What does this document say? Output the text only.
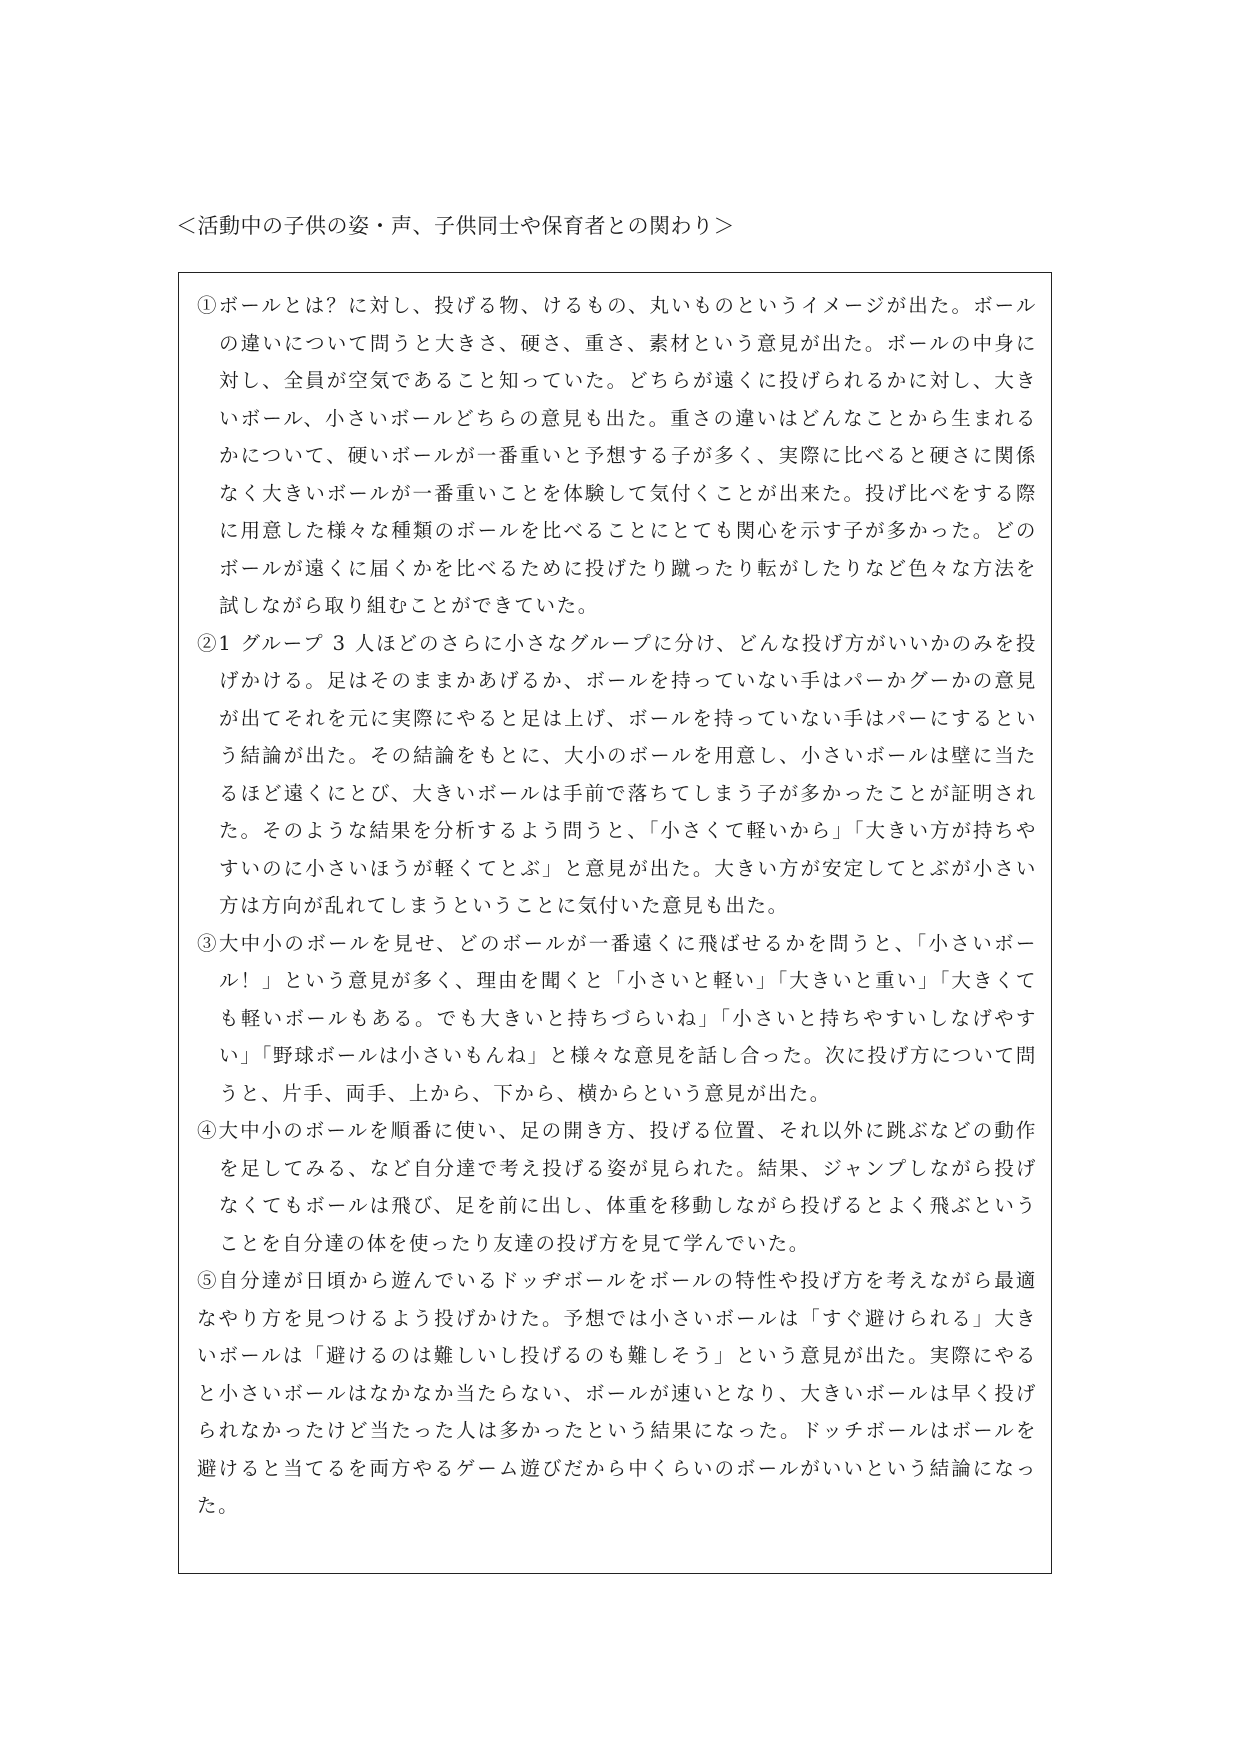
＜活動中の子供の姿・声、子供同士や保育者との関わり＞

①ボールとは？に対し、投げる物、けるもの、丸いものというイメージが出た。ボールの違いについて問うと大きさ、硬さ、重さ、素材という意見が出た。ボールの中身に対し、全員が空気であること知っていた。どちらが遠くに投げられるかに対し、大きいボール、小さいボールどちらの意見も出た。重さの違いはどんなことから生まれるかについて、硬いボールが一番重いと予想する子が多く、実際に比べると硬さに関係なく大きいボールが一番重いことを体験して気付くことが出来た。投げ比べをする際に用意した様々な種類のボールを比べることにとても関心を示す子が多かった。どのボールが遠くに届くかを比べるために投げたり蹴ったり転がしたりなど色々な方法を試しながら取り組むことができていた。

②1 グループ 3 人ほどのさらに小さなグループに分け、どんな投げ方がいいかのみを投げかける。足はそのままかあげるか、ボールを持っていない手はパーかグーかの意見が出てそれを元に実際にやると足は上げ、ボールを持っていない手はパーにするという結論が出た。その結論をもとに、大小のボールを用意し、小さいボールは壁に当たるほど遠くにとび、大きいボールは手前で落ちてしまう子が多かったことが証明された。そのような結果を分析するよう問うと、「小さくて軽いから」「大きい方が持ちやすいのに小さいほうが軽くてとぶ」と意見が出た。大きい方が安定してとぶが小さい方は方向が乱れてしまうということに気付いた意見も出た。

③大中小のボールを見せ、どのボールが一番遠くに飛ばせるかを問うと、「小さいボール！」という意見が多く、理由を聞くと「小さいと軽い」「大きいと重い」「大きくても軽いボールもある。でも大きいと持ちづらいね」「小さいと持ちやすいしなげやすい」「野球ボールは小さいもんね」と様々な意見を話し合った。次に投げ方について問うと、片手、両手、上から、下から、横からという意見が出た。

④大中小のボールを順番に使い、足の開き方、投げる位置、それ以外に跳ぶなどの動作を足してみる、など自分達で考え投げる姿が見られた。結果、ジャンプしながら投げなくてもボールは飛び、足を前に出し、体重を移動しながら投げるとよく飛ぶということを自分達の体を使ったり友達の投げ方を見て学んでいた。

⑤自分達が日頃から遊んでいるドッヂボールをボールの特性や投げ方を考えながら最適なやり方を見つけるよう投げかけた。予想では小さいボールは「すぐ避けられる」大きいボールは「避けるのは難しいし投げるのも難しそう」という意見が出た。実際にやると小さいボールはなかなか当たらない、ボールが速いとなり、大きいボールは早く投げられなかったけど当たった人は多かったという結果になった。ドッチボールはボールを避けると当てるを両方やるゲーム遊びだから中くらいのボールがいいという結論になった。
